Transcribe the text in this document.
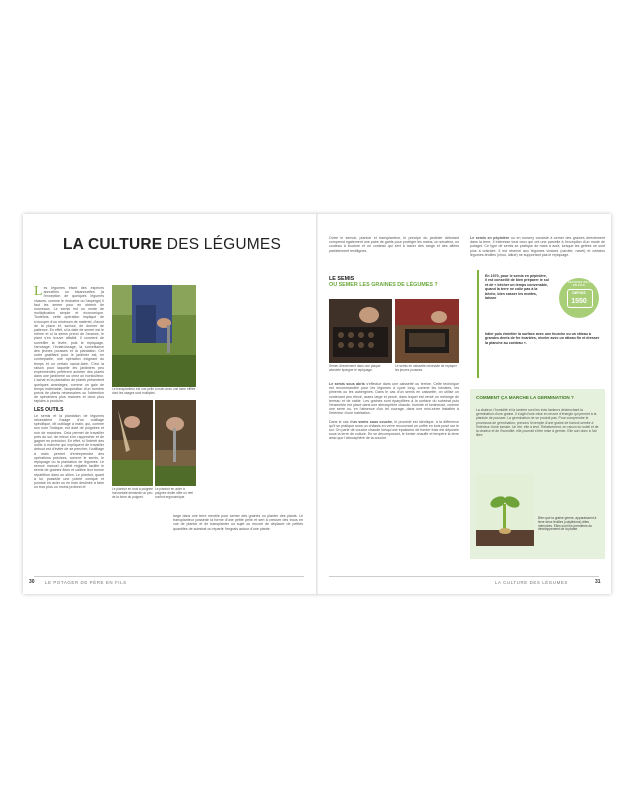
LA CULTURE DES LÉGUMES

Les légumes étant des espèces annuelles ou bisannuelles (à l'exception de quelques légumes vivaces, comme le rhubarbe ou l'asperge) il faut les semer pour en obtenir de nouveaux. Le semis est un mode de multiplication simple et économique. Toutefois, cette opération implique de s'occuper d'un minimum de matériel, d'avoir de la place et, surtout, de donner de patience. En effet, si la date de semer est le même et si la semis prend de l'avance, le plant s'en trouve affaibli. Il convient de surveiller la levée, puis le repiquage, l'arrosage, l'éclaircissage, la surveillance des jeunes pousses et la plantation. Cet outre gratifiant pour le jardinier est, en contrepartie, une opération exigeant du temps et un certain savoir-faire. C'est la raison pour laquelle les jardiniers peu expérimentés préfèrent acheter des plants dans une jardinerie ou chez un horticulteur. L'achat et la plantation de plants présentent quelques avantages, comme un gain de temps indéniable, l'acquisition d'un nombre précis de plants nécessaires ou l'obtention de spécimens plus matures et donc plus rapides à produire.

LES OUTILS

Le semis et la plantation de légumes nécessitent l'usage d'un outillage spécifique, dit outillage à main, qui, comme son nom l'indique, est doté de poignées et non de manches. Cela permet de travailler près du sol, de mieux s'en rapprocher et de gagner en précision. En effet, si l'intérêt des outils à manche qui impliquent de travailler debout est d'éviter de se pencher, l'outillage à main permet d'entreprendre des opérations précises, comme le semis, le repiquage ou la plantation de légumes. Le semoir manuel à débit réglable facilite le semis de graines fines et calibre leur bonne répartition dans un sillon. Le plantoir, quant à lui, possède une pointe conique et pointue en acier ou en bois destinée à faire un trou plus ou moins profond et

Le transplanteur est une pelle à main avec une lame effilée dont les usages sont multiples.
Le plantoir en bois à poignée horizontale demande un peu de la force du poignet.
Le plantoir en acier à poignée droite offre un réel confort ergonomique.

large dans une terre meuble pour semer des graines ou planter des plants. Le transplanteur possède la forme d'une petite pelle et sert à creuser des trous en vue de planter et de transplanter un sujet ou encore de déplacer de petites quantités de substrat ou répartir l'engrais autour d'une plante.

30 LE POTAGER DE PÈRE EN FILS

Outre le semoir, plantoir et transplanteur, le principe du jardinier débutant comprend également une paire de gants pour protéger les mains, un sécateur, un couteau à bouture et un cordeau qui sert à tracer des rangs et des allées parfaitement rectilignes.

LE SEMIS
OU SEMER LES GRAINES DE LÉGUMES ?
Semer directement dans une plaque alvéolée épargne le repiquage.
Le semis en caissette nécessite de repiquer les jeunes pousses.

Le semis sous abris s'effectue dans une caissette ou terrine. Cette technique est recommandée pour les légumes à cycle long, comme les tomates, les piments ou les aubergines. Dans le cas d'un semis en caissette, on utilise un contenant peu élevé, assez large et percé, dans lequel est versé un mélange de terreau et de sable. Les graines sont éparpillées à la surface du substrat puis l'ensemble est placé dans une atmosphère chaude, humide et lumineuse, comme une serre ou, en l'absence d'un tel ouvrage, dans une mini-serre installée à l'intérieur d'une habitation.

Dans le cas d'un semis sous couche, le procédé est identique, à la différence qu'il se pratique sous un châssis en verre recouvrant un coffre en bois posé sur le sol. On parle de couche chaude lorsqu'une épaisseur de fumier frais est déposée sous la terre de culture. En se décomposant, le fumier chauffe et tempère la terre ainsi que l'atmosphère de la couche.

Le semis en pépinière ou en nursery consiste à semer des graines directement dans la terre. Il intéresse tous ceux qui ont une parcelle à l'exception d'un mode de potager. Ce type de semis se pratique de mars à août, lorsque les gelées ne sont plus à craindre. Il est réservé aux légumes vivaces (carotte, navet) et certains légumes-feuilles (chou, laitue) ne supportant pas le repiquage.

En 1970, pour le semis en pépinière, il est conseillé de bien préparer le sol et de « bêcher un temps convenable, quand la terre ne colle pas à la bêche, bien casser les mottes, laisser
hâler puis émietter la surface avec une fourche ou un râteau à grandes dents de fer écartées, niveler avec un râteau fin et dresser la planche au cordeau ».
LES ASTUCES DE PÈRE EN FILS
DEPUIS
1550
COMMENT ÇA MARCHE LA GERMINATION ?
La chaleur, l'humidité et la lumière sont les trois facteurs déclenchant la germination d'une graine. Il s'agit d'une mise en œuvre d'énergie qui permet à la plantule de pousser. La germination ne se produit pas. Pour comprendre le processus de germination, prenons l'exemple d'une graine de haricot semée à l'intérieur d'une tomate. Un été, elle a levé. Relativement, en raison du soleil et de la chaleur et de l'humidité, elle pourrait s'être mise à germer. Elle sort donc à l'air libre.
Bien que la graine germe, apparaissent à terre deux feuilles (cotylédons) dites mémoires. Elles sont les premières du développement de la plante.
LA CULTURE DES LÉGUMES	31
